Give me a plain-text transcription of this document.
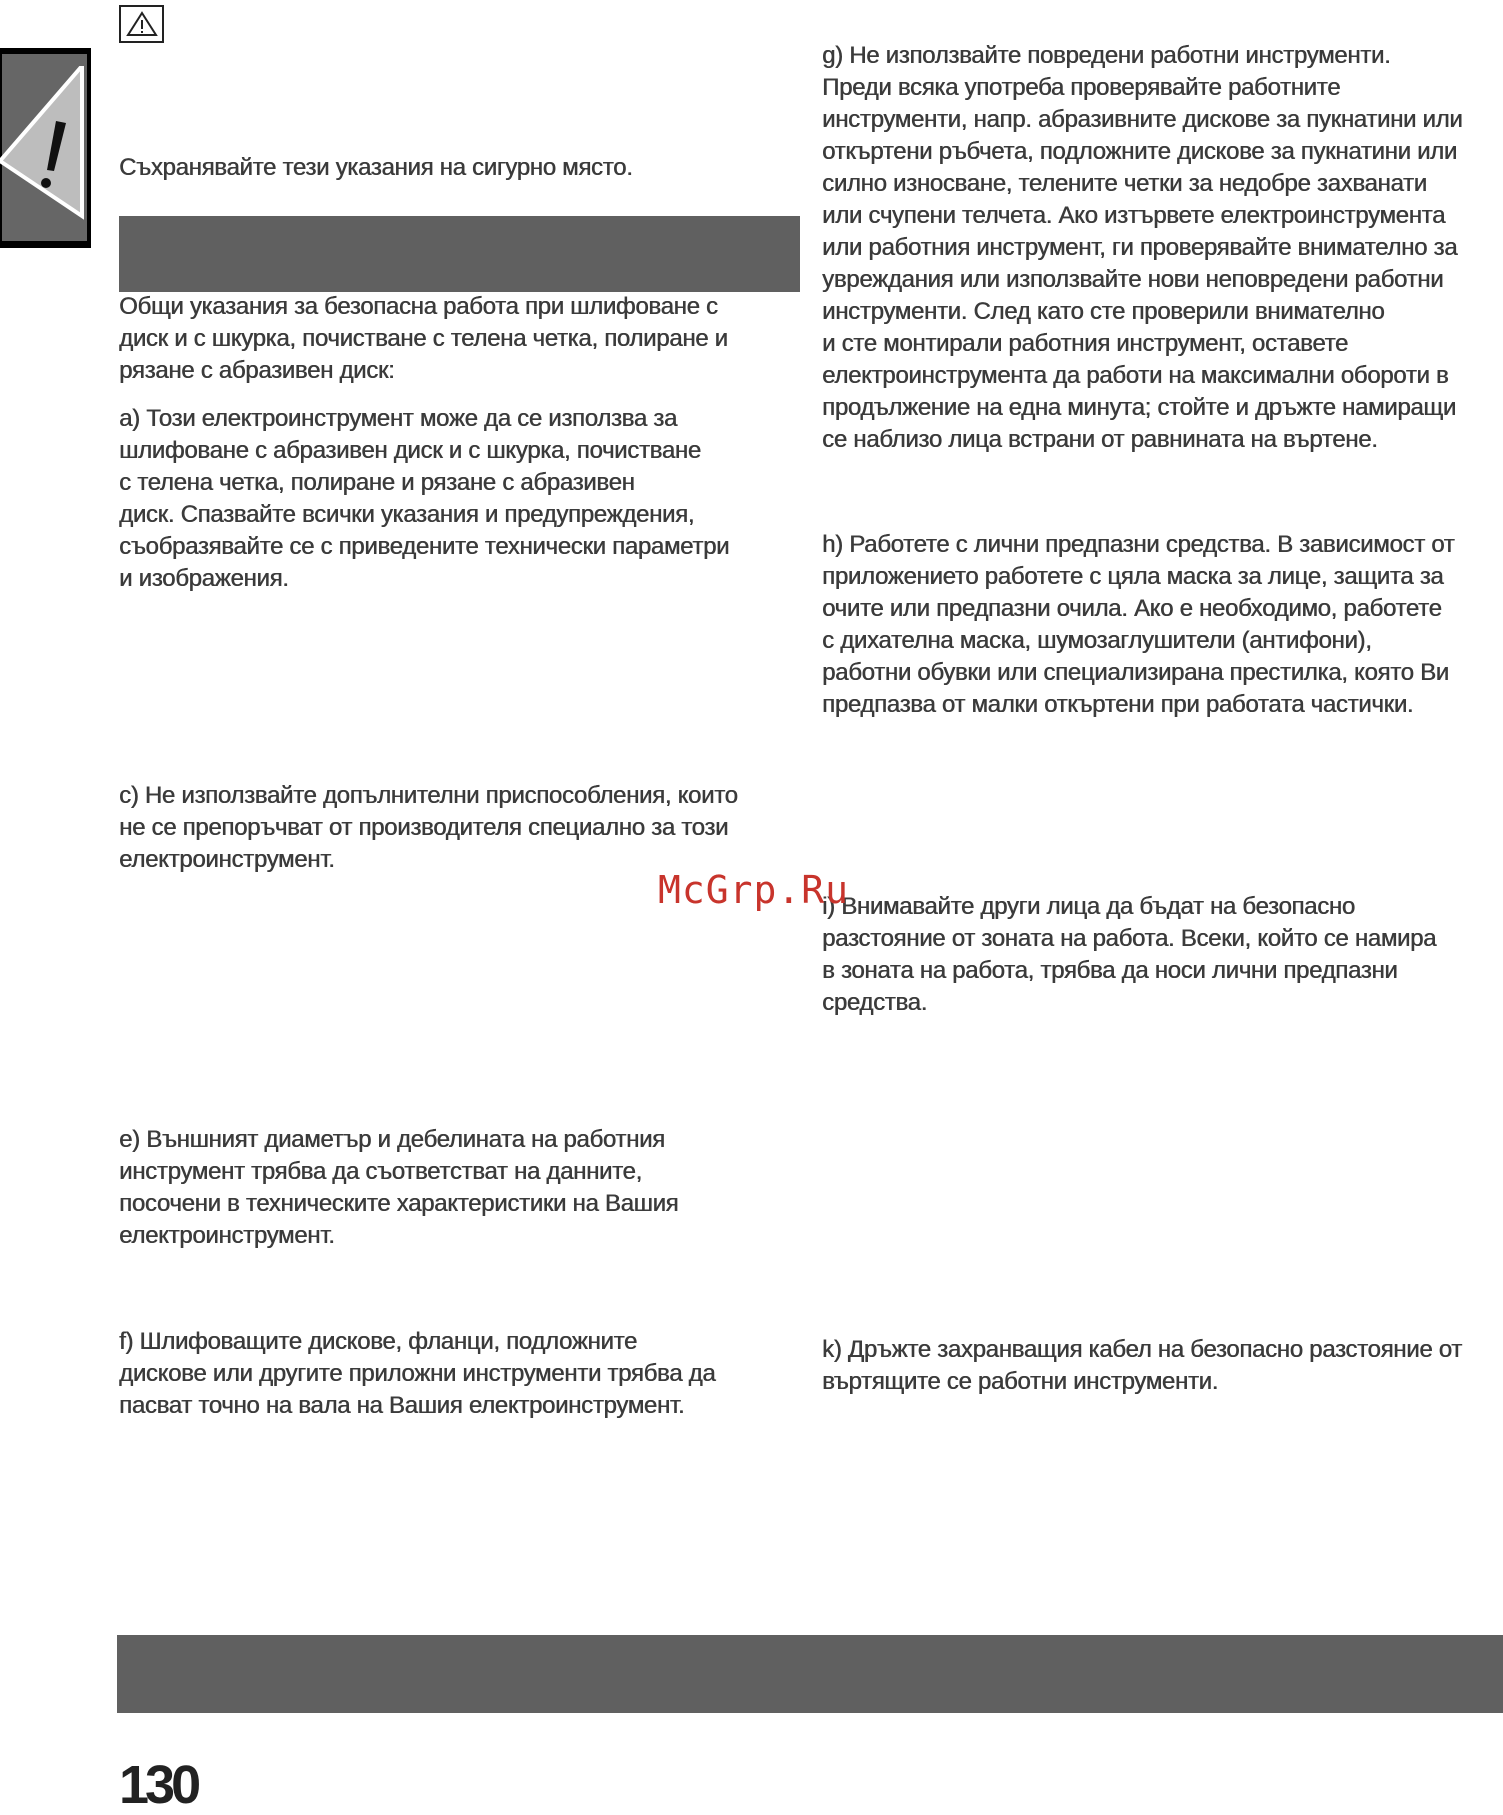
Съхранявайте тези указания на сигурно място.

Общи указания за безопасна работа при шлифоване с

диск и с шкурка, почистване с телена четка, полиране и

рязане с абразивен диск:

a) Този електроинструмент може да се използва за

шлифоване с абразивен диск и с шкурка, почистване

с телена четка, полиране и рязане с абразивен

диск. Спазвайте всички указания и предупреждения,

съобразявайте се с приведените технически параметри

и изображения.

c) Не използвайте допълнителни приспособления, които

не се препоръчват от производителя специално за този

електроинструмент.

e) Външният диаметър и дебелината на работния

инструмент трябва да съответстват на данните,

посочени в техническите характеристики на Вашия

електроинструмент.

f) Шлифоващите дискове, фланци, подложните

дискове или другите приложни инструменти трябва да

пасват точно на вала на Вашия електроинструмент.

g) Не използвайте повредени работни инструменти.

Преди всяка употреба проверявайте работните

инструменти, напр. абразивните дискове за пукнатини или

откъртени ръбчета, подложните дискове за пукнатини или

силно износване, телените четки за недобре захванати

или счупени телчета. Ако изтървете електроинструмента

или работния инструмент, ги проверявайте внимателно за

увреждания или използвайте нови неповредени работни

инструменти. След като сте проверили внимателно

и сте монтирали работния инструмент, оставете

електроинструмента да работи на максимални обороти в

продължение на една минута; стойте и дръжте намиращи

се наблизо лица встрани от равнината на въртене.

h) Работете с лични предпазни средства. В зависимост от

приложението работете с цяла маска за лице, защита за

очите или предпазни очила. Ако е необходимо, работете

с дихателна маска, шумозаглушители (антифони),

работни обувки или специализирана престилка, която Ви

предпазва от малки откъртени при работата частички.

i) Внимавайте други лица да бъдат на безопасно

разстояние от зоната на работа. Всеки, който се намира

в зоната на работа, трябва да носи лични предпазни

средства.

k) Дръжте захранващия кабел на безопасно разстояние от

въртящите се работни инструменти.

McGrp.Ru
130
